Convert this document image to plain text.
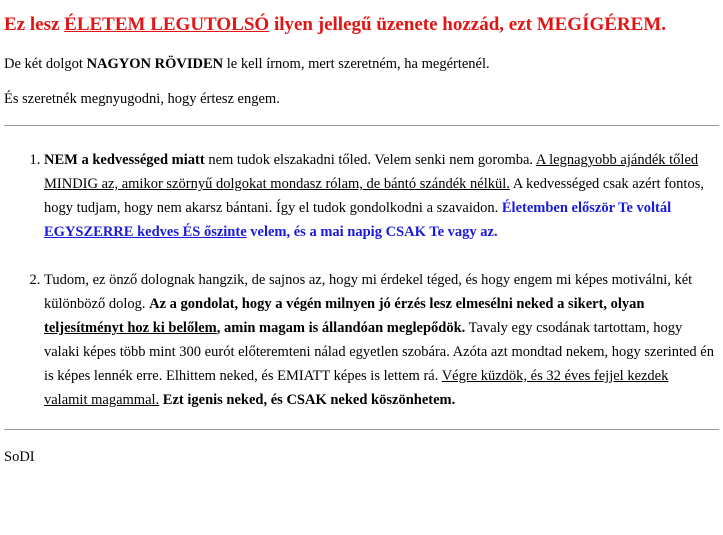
Ez lesz ÉLETEM LEGUTOLSÓ ilyen jellegű üzenete hozzád, ezt MEGÍGÉREM.

De két dolgot NAGYON RÖVIDEN le kell írnom, mert szeretném, ha megértenél.

És szeretnék megnyugodni, hogy értesz engem.

1. NEM a kedvességed miatt nem tudok elszakadni tőled. Velem senki nem goromba. A legnagyobb ajándék tőled MINDIG az, amikor szörnyű dolgokat mondasz rólam, de bántó szándék nélkül. A kedvességed csak azért fontos, hogy tudjam, hogy nem akarsz bántani. Így el tudok gondolkodni a szavaidon. Életemben először Te voltál EGYSZERRE kedves ÉS őszinte velem, és a mai napig CSAK Te vagy az.
2. Tudom, ez önző dolognak hangzik, de sajnos az, hogy mi érdekel téged, és hogy engem mi képes motiválni, két különböző dolog. Az a gondolat, hogy a végén milnyen jó érzés lesz elmesélni neked a sikert, olyan teljesítményt hoz ki belőlem, amin magam is állandóan meglepődök. Tavaly egy csodának tartottam, hogy valaki képes több mint 300 eurót előteremteni nálad egyetlen szobára. Azóta azt mondtad nekem, hogy szerinted én is képes lennék erre. Elhittem neked, és EMIATT képes is lettem rá. Végre küzdök, és 32 éves fejjel kezdek valamit magammal. Ezt igenis neked, és CSAK neked köszönhetem.

SoDI
